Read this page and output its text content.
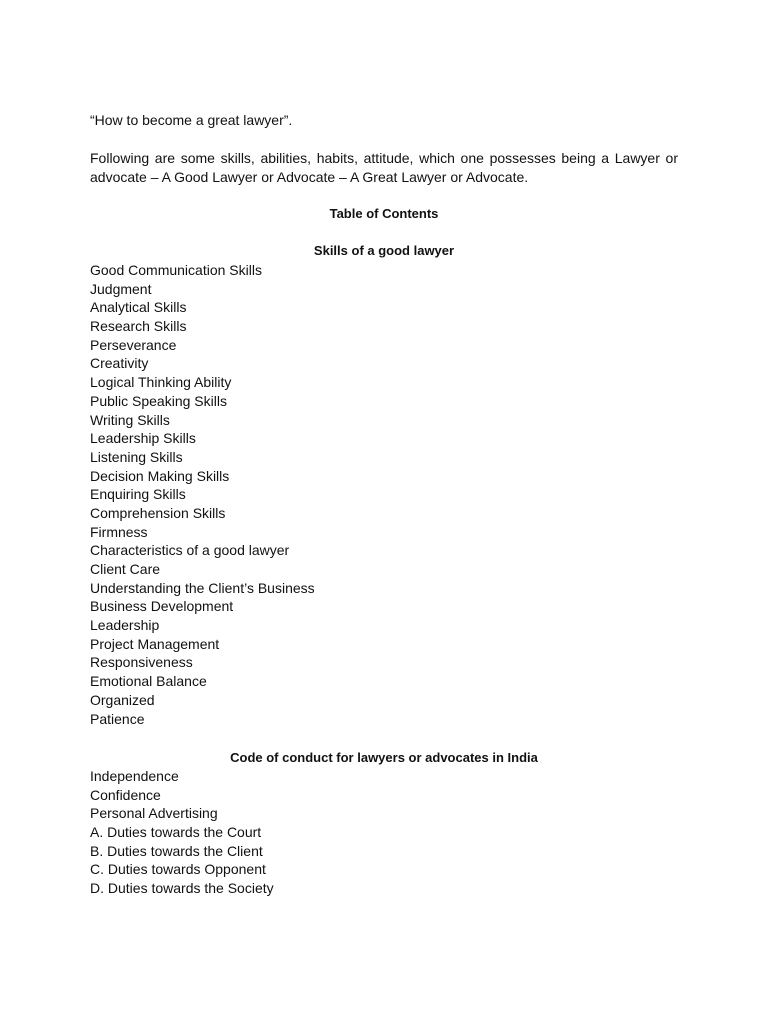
“How to become a great lawyer”.
Following are some skills, abilities, habits, attitude, which one possesses being a Lawyer or advocate – A Good Lawyer or Advocate – A Great Lawyer or Advocate.
Table of Contents
Skills of a good lawyer
Good Communication Skills
Judgment
Analytical Skills
Research Skills
Perseverance
Creativity
Logical Thinking Ability
Public Speaking Skills
Writing Skills
Leadership Skills
Listening Skills
Decision Making Skills
Enquiring Skills
Comprehension Skills
Firmness
Characteristics of a good lawyer
Client Care
Understanding the Client’s Business
Business Development
Leadership
Project Management
Responsiveness
Emotional Balance
Organized
Patience
Code of conduct for lawyers or advocates in India
Independence
Confidence
Personal Advertising
A. Duties towards the Court
B. Duties towards the Client
C. Duties towards Opponent
D. Duties towards the Society
